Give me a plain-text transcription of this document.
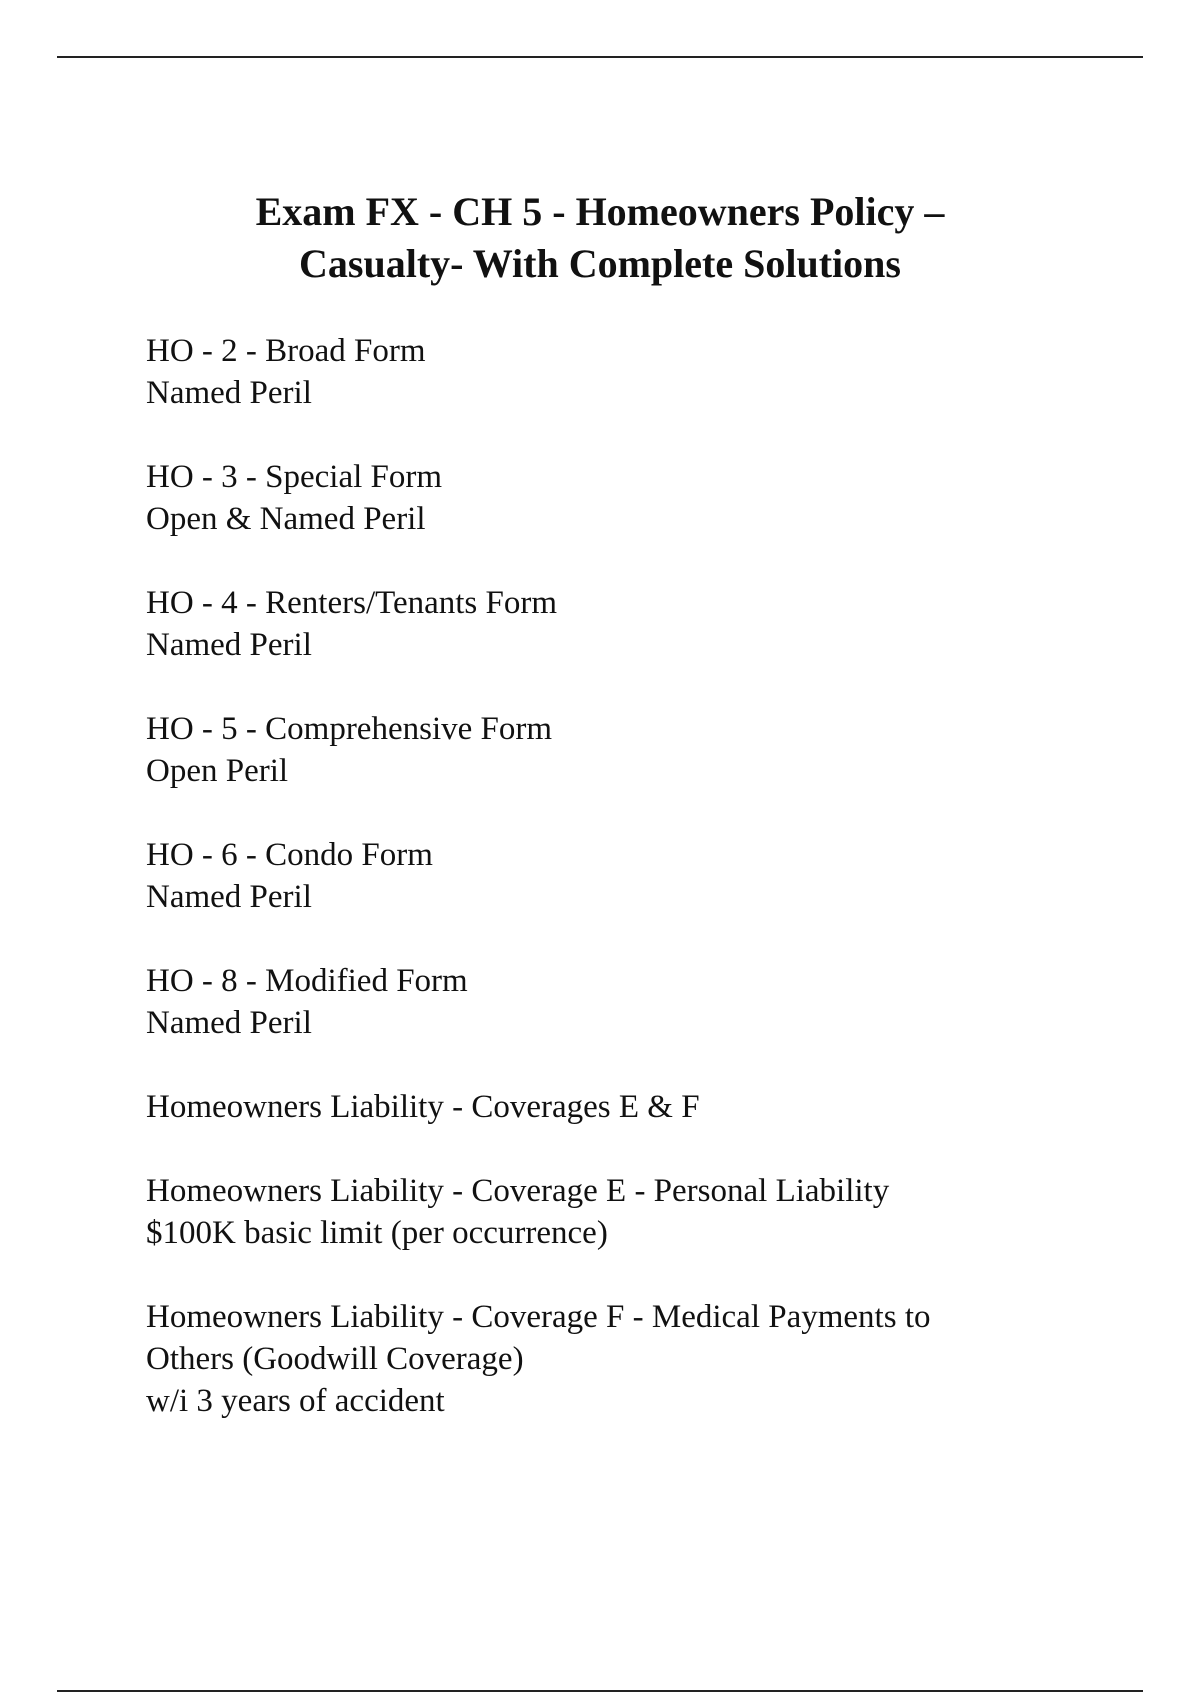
Exam FX - CH 5 - Homeowners Policy –
Casualty- With Complete Solutions

HO - 2 - Broad Form
Named Peril

HO - 3 - Special Form
Open & Named Peril

HO - 4 - Renters/Tenants Form
Named Peril

HO - 5 - Comprehensive Form
Open Peril

HO - 6 - Condo Form
Named Peril

HO - 8 - Modified Form
Named Peril

Homeowners Liability - Coverages E & F

Homeowners Liability - Coverage E - Personal Liability
$100K basic limit (per occurrence)

Homeowners Liability - Coverage F - Medical Payments to
Others (Goodwill Coverage)
w/i 3 years of accident
